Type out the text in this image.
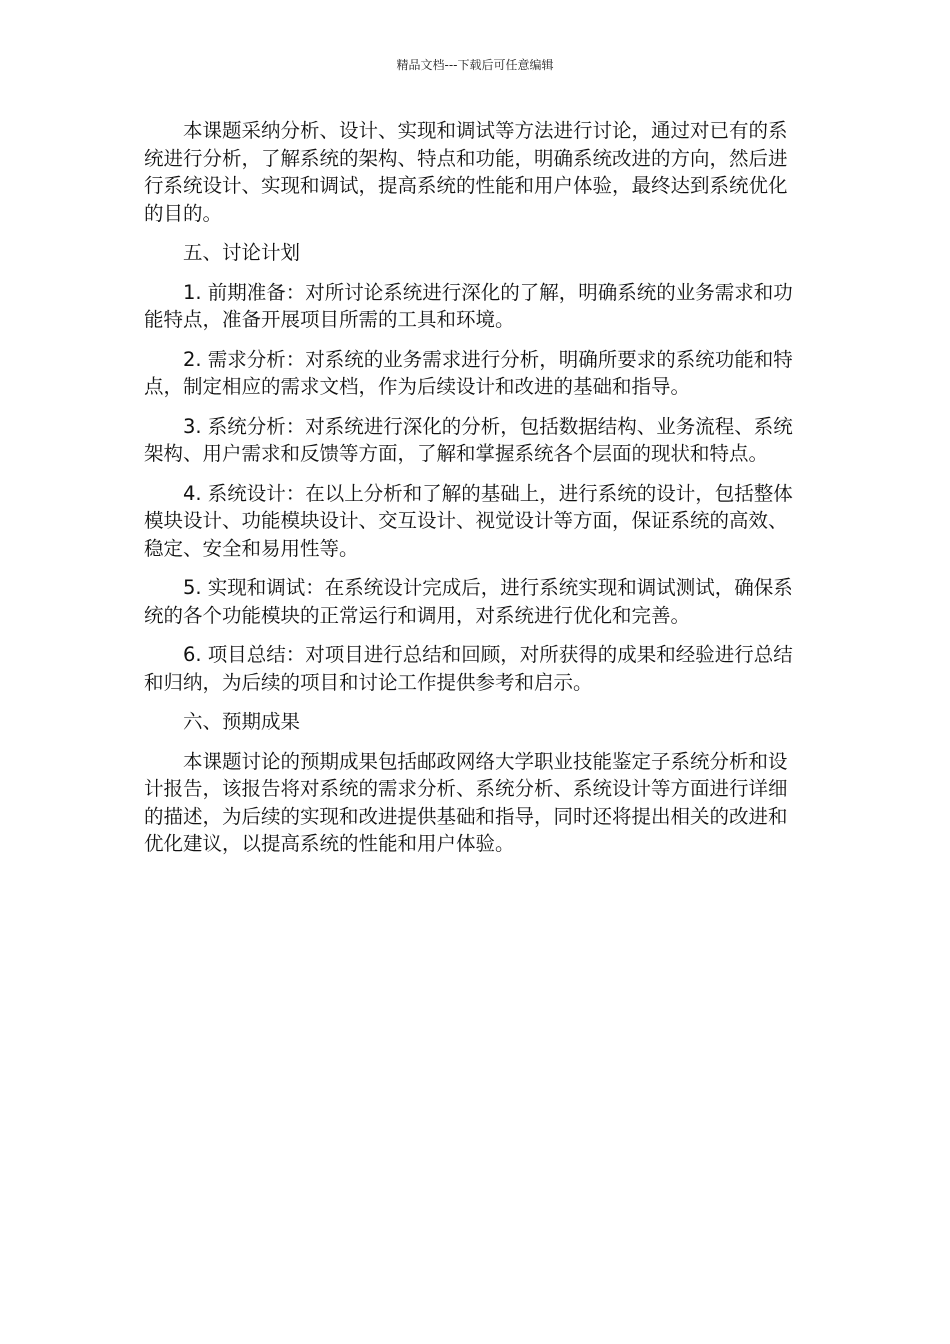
精品文档---下载后可任意编辑

本课题采纳分析、设计、实现和调试等方法进行讨论，通过对已有的系统进行分析，了解系统的架构、特点和功能，明确系统改进的方向，然后进行系统设计、实现和调试，提高系统的性能和用户体验，最终达到系统优化的目的。

五、讨论计划

1. 前期准备：对所讨论系统进行深化的了解，明确系统的业务需求和功能特点，准备开展项目所需的工具和环境。

2. 需求分析：对系统的业务需求进行分析，明确所要求的系统功能和特点，制定相应的需求文档，作为后续设计和改进的基础和指导。

3. 系统分析：对系统进行深化的分析，包括数据结构、业务流程、系统架构、用户需求和反馈等方面，了解和掌握系统各个层面的现状和特点。

4. 系统设计：在以上分析和了解的基础上，进行系统的设计，包括整体模块设计、功能模块设计、交互设计、视觉设计等方面，保证系统的高效、稳定、安全和易用性等。

5. 实现和调试：在系统设计完成后，进行系统实现和调试测试，确保系统的各个功能模块的正常运行和调用，对系统进行优化和完善。

6. 项目总结：对项目进行总结和回顾，对所获得的成果和经验进行总结和归纳，为后续的项目和讨论工作提供参考和启示。

六、预期成果

本课题讨论的预期成果包括邮政网络大学职业技能鉴定子系统分析和设计报告，该报告将对系统的需求分析、系统分析、系统设计等方面进行详细的描述，为后续的实现和改进提供基础和指导，同时还将提出相关的改进和优化建议，以提高系统的性能和用户体验。
